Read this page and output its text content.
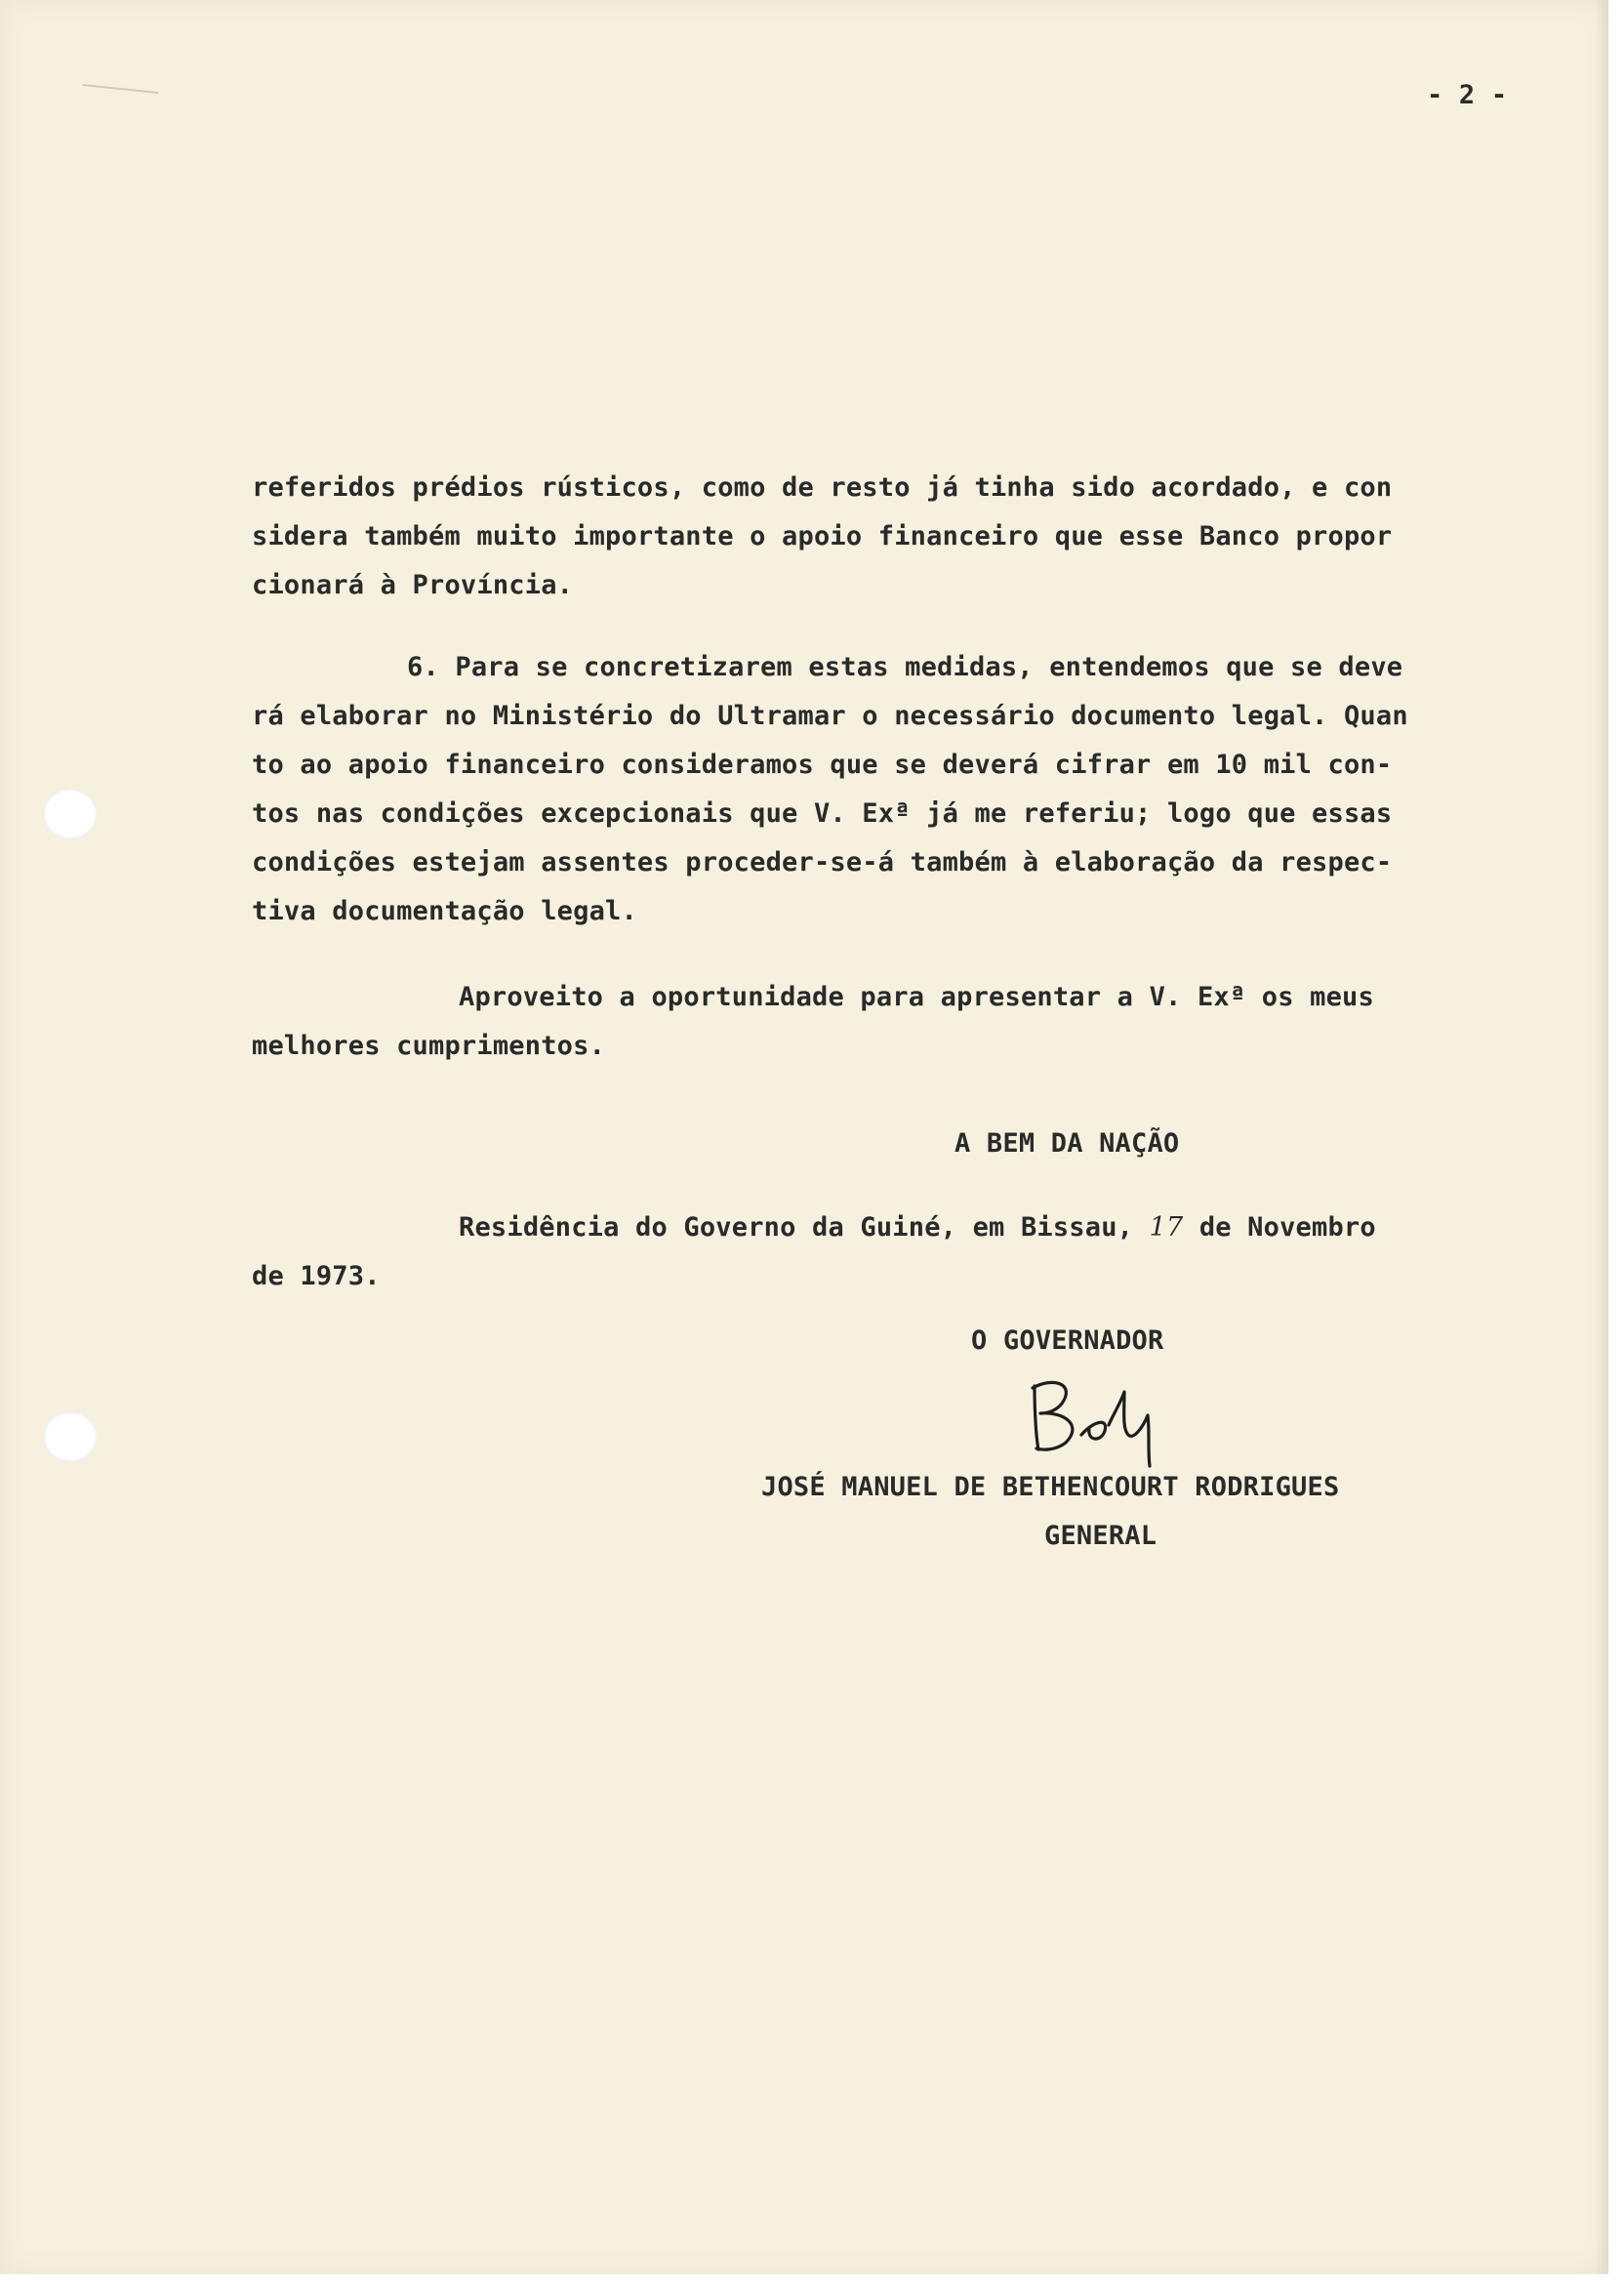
- 2 -
referidos prédios rústicos, como de resto já tinha sido acordado, e con
sidera também muito importante o apoio financeiro que esse Banco propor
cionará à Província.
6. Para se concretizarem estas medidas, entendemos que se deve
rá elaborar no Ministério do Ultramar o necessário documento legal. Quan
to ao apoio financeiro consideramos que se deverá cifrar em 10 mil con-
tos nas condições excepcionais que V. Exª já me referiu; logo que essas
condições estejam assentes proceder-se-á também à elaboração da respec-
tiva documentação legal.
Aproveito a oportunidade para apresentar a V. Exª os meus
melhores cumprimentos.
A BEM DA NAÇÃO
Residência do Governo da Guiné, em Bissau, 17 de Novembro
de 1973.
O GOVERNADOR
JOSÉ MANUEL DE BETHENCOURT RODRIGUES
GENERAL
